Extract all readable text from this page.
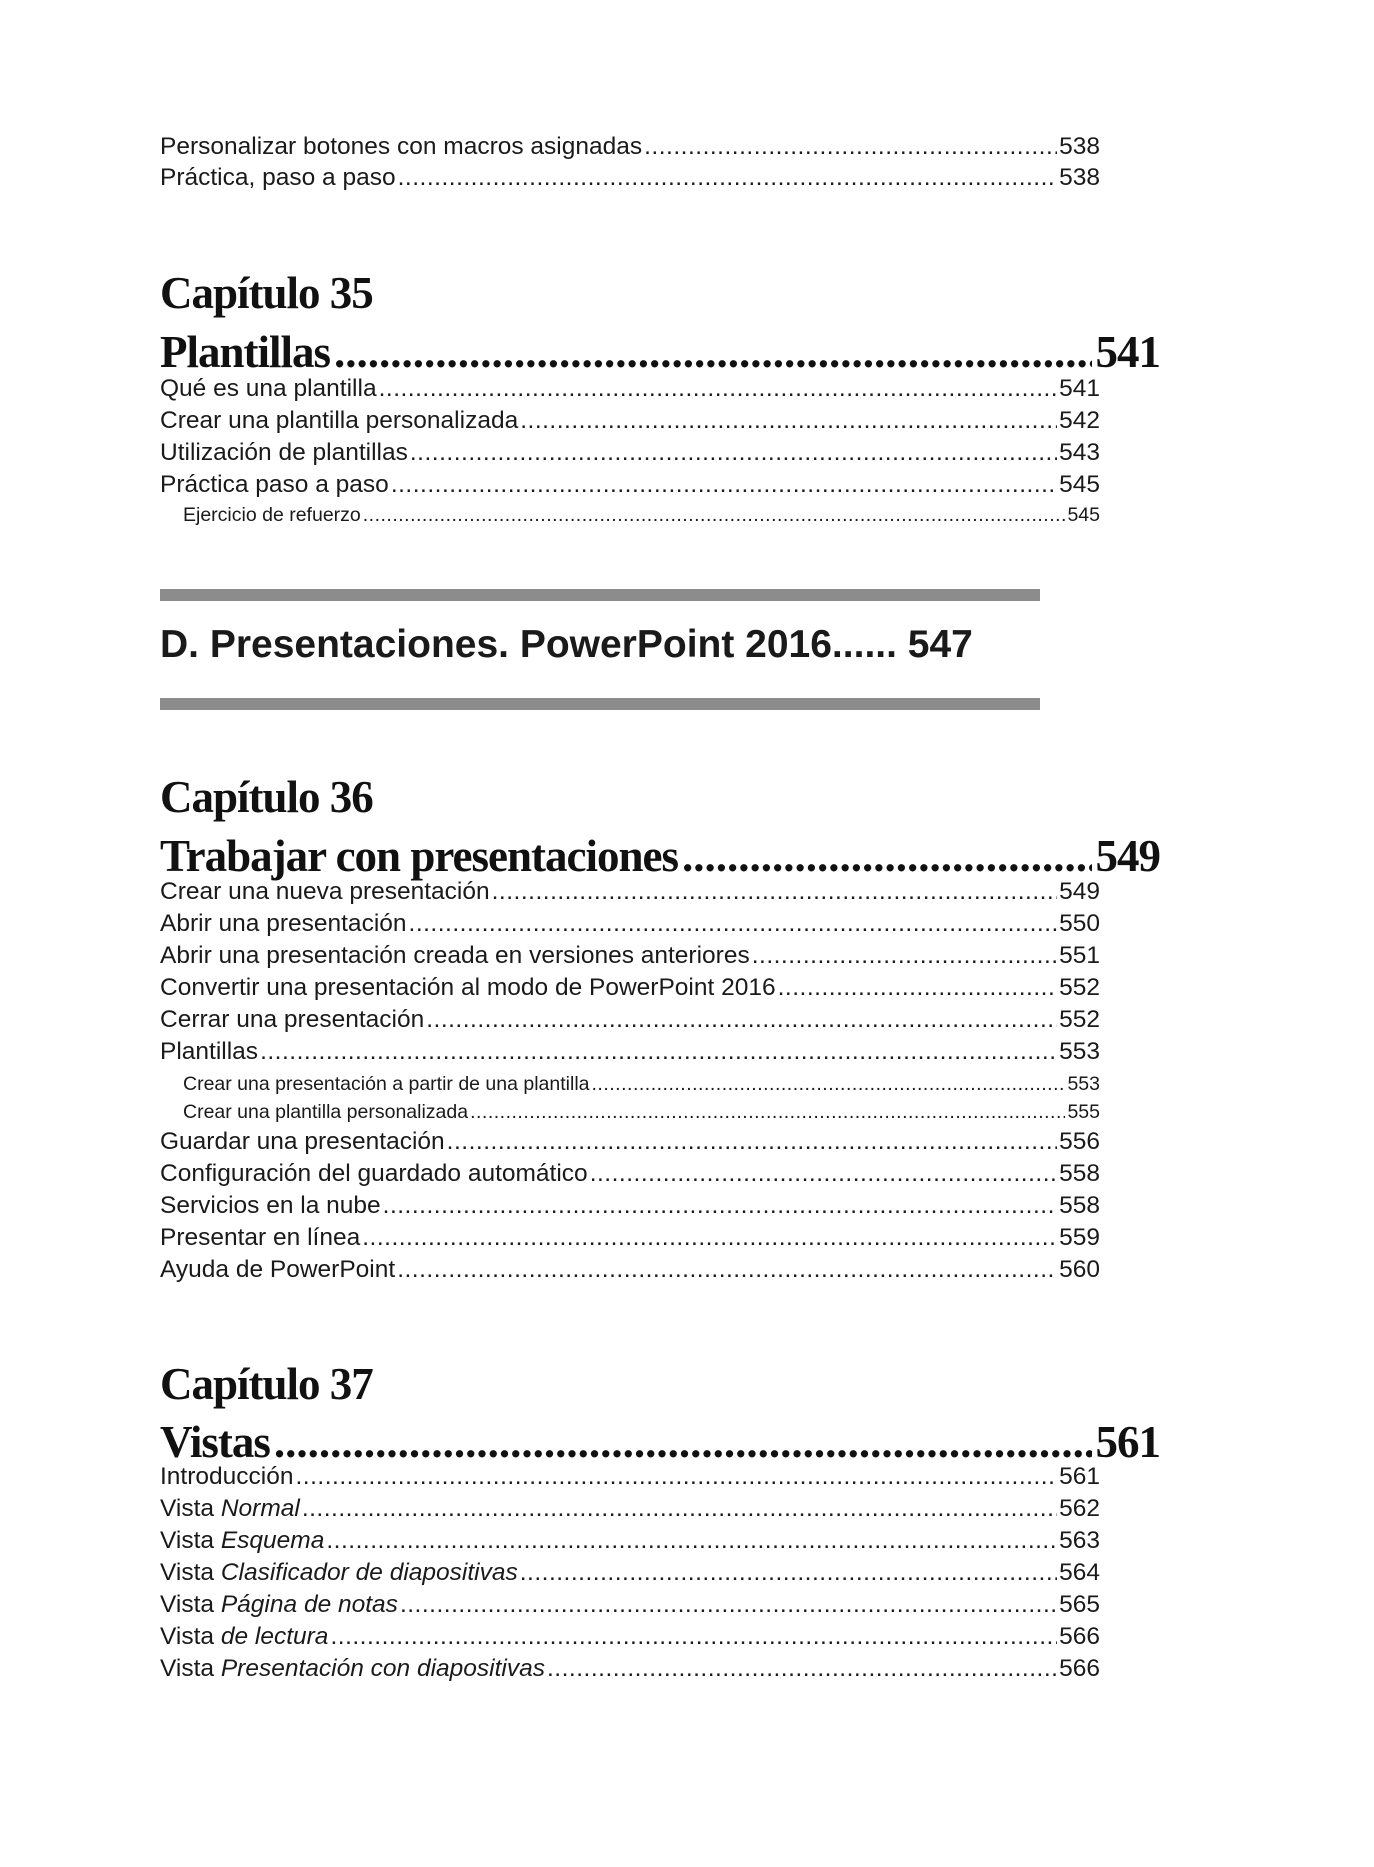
Personalizar botones con macros asignadas .....	538
Práctica, paso a paso .....	538
Capítulo 35
Plantillas .....	541
Qué es una plantilla .....	541
Crear una plantilla personalizada .....	542
Utilización de plantillas .....	543
Práctica paso a paso .....	545
Ejercicio de refuerzo .....	545
D. Presentaciones. PowerPoint 2016...... 547
Capítulo 36
Trabajar con presentaciones .....	549
Crear una nueva presentación .....	549
Abrir una presentación .....	550
Abrir una presentación creada en versiones anteriores .....	551
Convertir una presentación al modo de PowerPoint 2016 .....	552
Cerrar una presentación .....	552
Plantillas .....	553
Crear una presentación a partir de una plantilla .....	553
Crear una plantilla personalizada .....	555
Guardar una presentación .....	556
Configuración del guardado automático .....	558
Servicios en la nube .....	558
Presentar en línea .....	559
Ayuda de PowerPoint .....	560
Capítulo 37
Vistas .....	561
Introducción .....	561
Vista Normal .....	562
Vista Esquema .....	563
Vista Clasificador de diapositivas .....	564
Vista Página de notas .....	565
Vista de lectura .....	566
Vista Presentación con diapositivas .....	566
